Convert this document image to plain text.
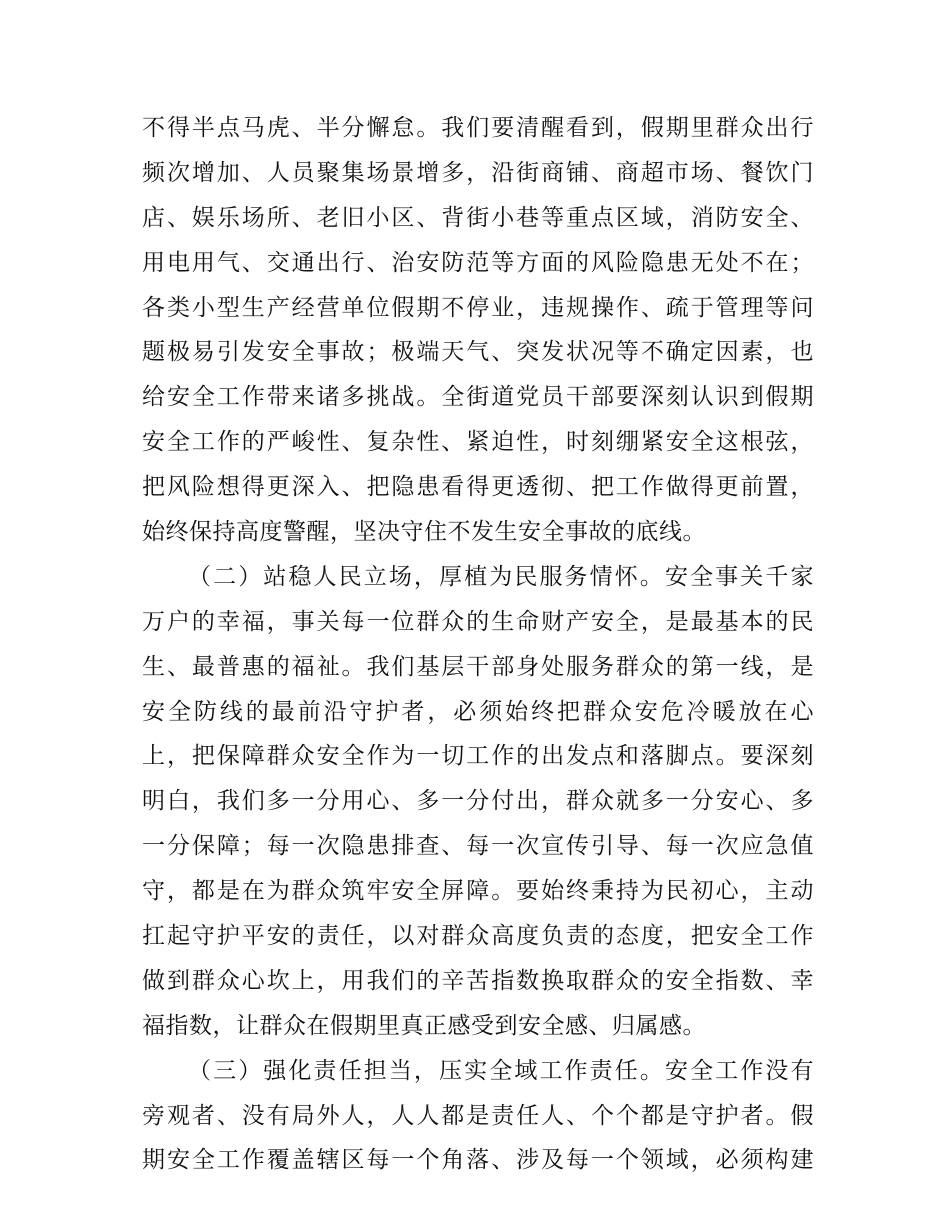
不得半点马虎、半分懈怠。我们要清醒看到，假期里群众出行
频次增加、人员聚集场景增多，沿街商铺、商超市场、餐饮门
店、娱乐场所、老旧小区、背街小巷等重点区域，消防安全、
用电用气、交通出行、治安防范等方面的风险隐患无处不在；
各类小型生产经营单位假期不停业，违规操作、疏于管理等问
题极易引发安全事故；极端天气、突发状况等不确定因素，也
给安全工作带来诸多挑战。全街道党员干部要深刻认识到假期
安全工作的严峻性、复杂性、紧迫性，时刻绷紧安全这根弦，
把风险想得更深入、把隐患看得更透彻、把工作做得更前置，
始终保持高度警醒，坚决守住不发生安全事故的底线。
（二）站稳人民立场，厚植为民服务情怀。安全事关千家
万户的幸福，事关每一位群众的生命财产安全，是最基本的民
生、最普惠的福祉。我们基层干部身处服务群众的第一线，是
安全防线的最前沿守护者，必须始终把群众安危冷暖放在心
上，把保障群众安全作为一切工作的出发点和落脚点。要深刻
明白，我们多一分用心、多一分付出，群众就多一分安心、多
一分保障；每一次隐患排查、每一次宣传引导、每一次应急值
守，都是在为群众筑牢安全屏障。要始终秉持为民初心，主动
扛起守护平安的责任，以对群众高度负责的态度，把安全工作
做到群众心坎上，用我们的辛苦指数换取群众的安全指数、幸
福指数，让群众在假期里真正感受到安全感、归属感。
（三）强化责任担当，压实全域工作责任。安全工作没有
旁观者、没有局外人，人人都是责任人、个个都是守护者。假
期安全工作覆盖辖区每一个角落、涉及每一个领域，必须构建
